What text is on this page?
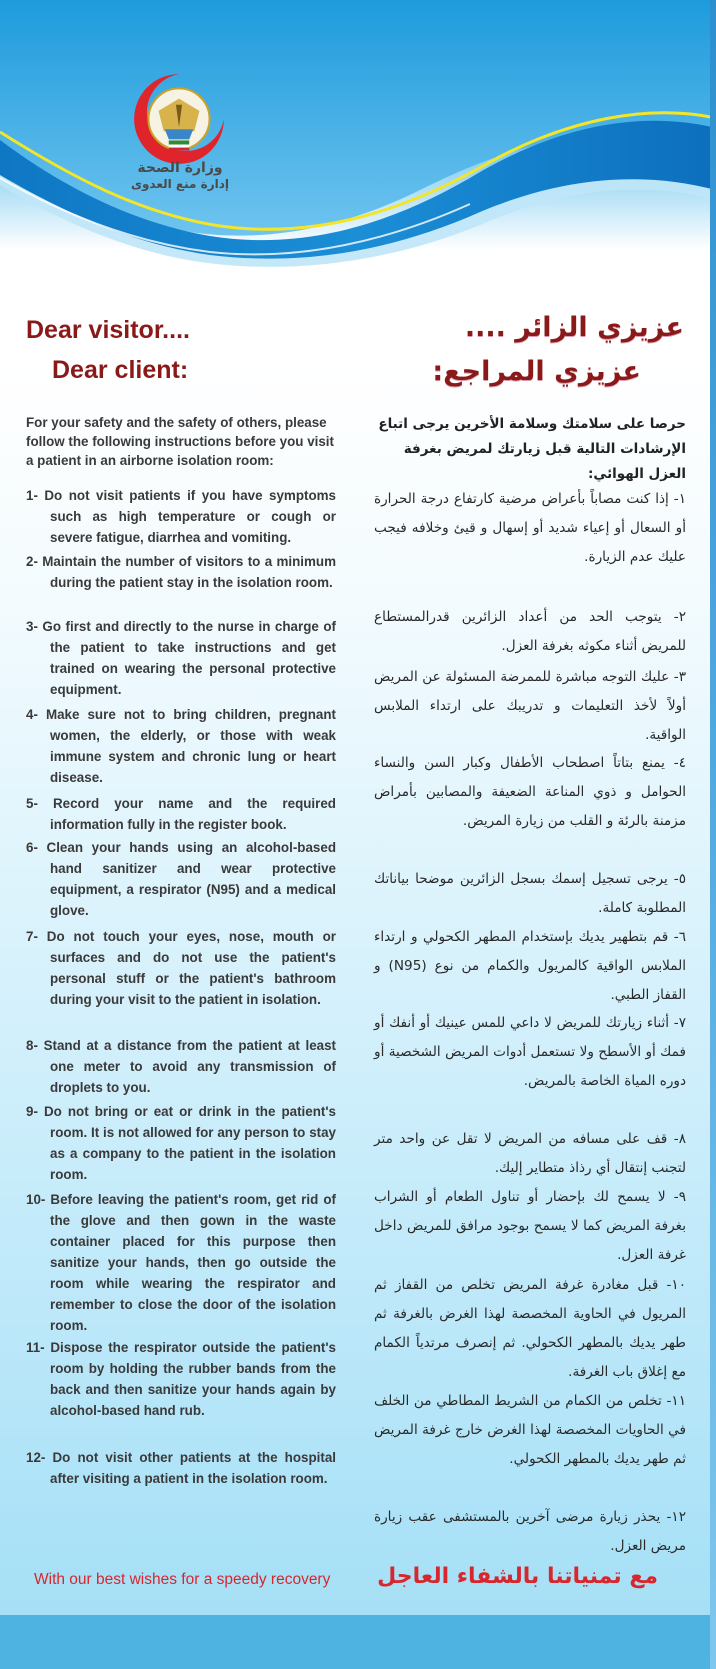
وزارة الصحة
إدارة منع العدوى
Dear visitor....
Dear client:
عزيزي الزائر ....
عزيزي المراجع:
For your safety and the safety of others, please follow the following instructions before you visit a patient in an airborne isolation room:
حرصا على سلامتك وسلامة الأخرين يرجى اتباع الإرشادات التالية قبل زيارتك لمريض بغرفة العزل الهوائي:
1- Do not visit patients if you have symptoms such as high temperature or cough or severe fatigue, diarrhea and vomiting.
2- Maintain the number of visitors to a minimum during the patient stay in the isolation room.
3- Go first and directly to the nurse in charge of the patient to take instructions and get trained on wearing the personal protective equipment.
4- Make sure not to bring children, pregnant women, the elderly, or those with weak immune system and chronic lung or heart disease.
5- Record your name and the required information fully in the register book.
6- Clean your hands using an alcohol-based hand sanitizer and wear protective equipment, a respirator (N95) and a medical glove.
7- Do not touch your eyes, nose, mouth or surfaces and do not use the patient's personal stuff or the patient's bathroom during your visit to the patient in isolation.
8- Stand at a distance from the patient at least one meter to avoid any transmission of droplets to you.
9- Do not bring or eat or drink in the patient's room. It is not allowed for any person to stay as a company to the patient in the isolation room.
10- Before leaving the patient's room, get rid of the glove and then gown in the waste container placed for this purpose then sanitize your hands, then go outside the room while wearing the respirator and remember to close the door of the isolation room.
11- Dispose the respirator outside the patient's room by holding the rubber bands from the back and then sanitize your hands again by alcohol-based hand rub.
12- Do not visit other patients at the hospital after visiting a patient in the isolation room.
١- إذا كنت مصاباً بأعراض مرضية كارتفاع درجة الحرارة أو السعال أو إعياء شديد أو إسهال و قيئ وخلافه فيجب عليك عدم الزيارة.
٢- يتوجب الحد من أعداد الزائرين قدرالمستطاع للمريض أثناء مكوثه بغرفة العزل.
٣- عليك التوجه مباشرة للممرضة المسئولة عن المريض أولاً لأخذ التعليمات و تدريبك على ارتداء الملابس الواقية.
٤- يمنع بتاتاً اصطحاب الأطفال وكبار السن والنساء الحوامل و ذوي المناعة الضعيفة والمصابين بأمراض مزمنة بالرئة و القلب من زيارة المريض.
٥- يرجى تسجيل إسمك بسجل الزائرين موضحا بياناتك المطلوبة كاملة.
٦- قم بتطهير يديك بإستخدام المطهر الكحولي و ارتداء الملابس الواقية كالمريول والكمام من نوع (N95) و القفاز الطبي.
٧- أثناء زيارتك للمريض لا داعي للمس عينيك أو أنفك أو فمك أو الأسطح ولا تستعمل أدوات المريض الشخصية أو دوره المياة الخاصة بالمريض.
٨- قف على مسافه من المريض لا تقل عن واحد متر لتجنب إنتقال أي رذاذ متطاير إليك.
٩- لا يسمح لك بإحضار أو تناول الطعام أو الشراب بغرفة المريض كما لا يسمح بوجود مرافق للمريض داخل غرفة العزل.
١٠- قبل مغادرة غرفة المريض تخلص من القفاز ثم المريول في الحاوية المخصصة لهذا الغرض بالغرفة ثم طهر يديك بالمطهر الكحولي. ثم إنصرف مرتدياً الكمام مع إغلاق باب الغرفة.
١١- تخلص من الكمام من الشريط المطاطي من الخلف في الحاويات المخصصة لهذا الغرض خارج غرفة المريض ثم طهر يديك بالمطهر الكحولي.
١٢- يحذر زيارة مرضى آخرين بالمستشفى عقب زيارة مريض العزل.
With our best wishes for a speedy recovery مع تمنياتنا بالشفاء العاجل
